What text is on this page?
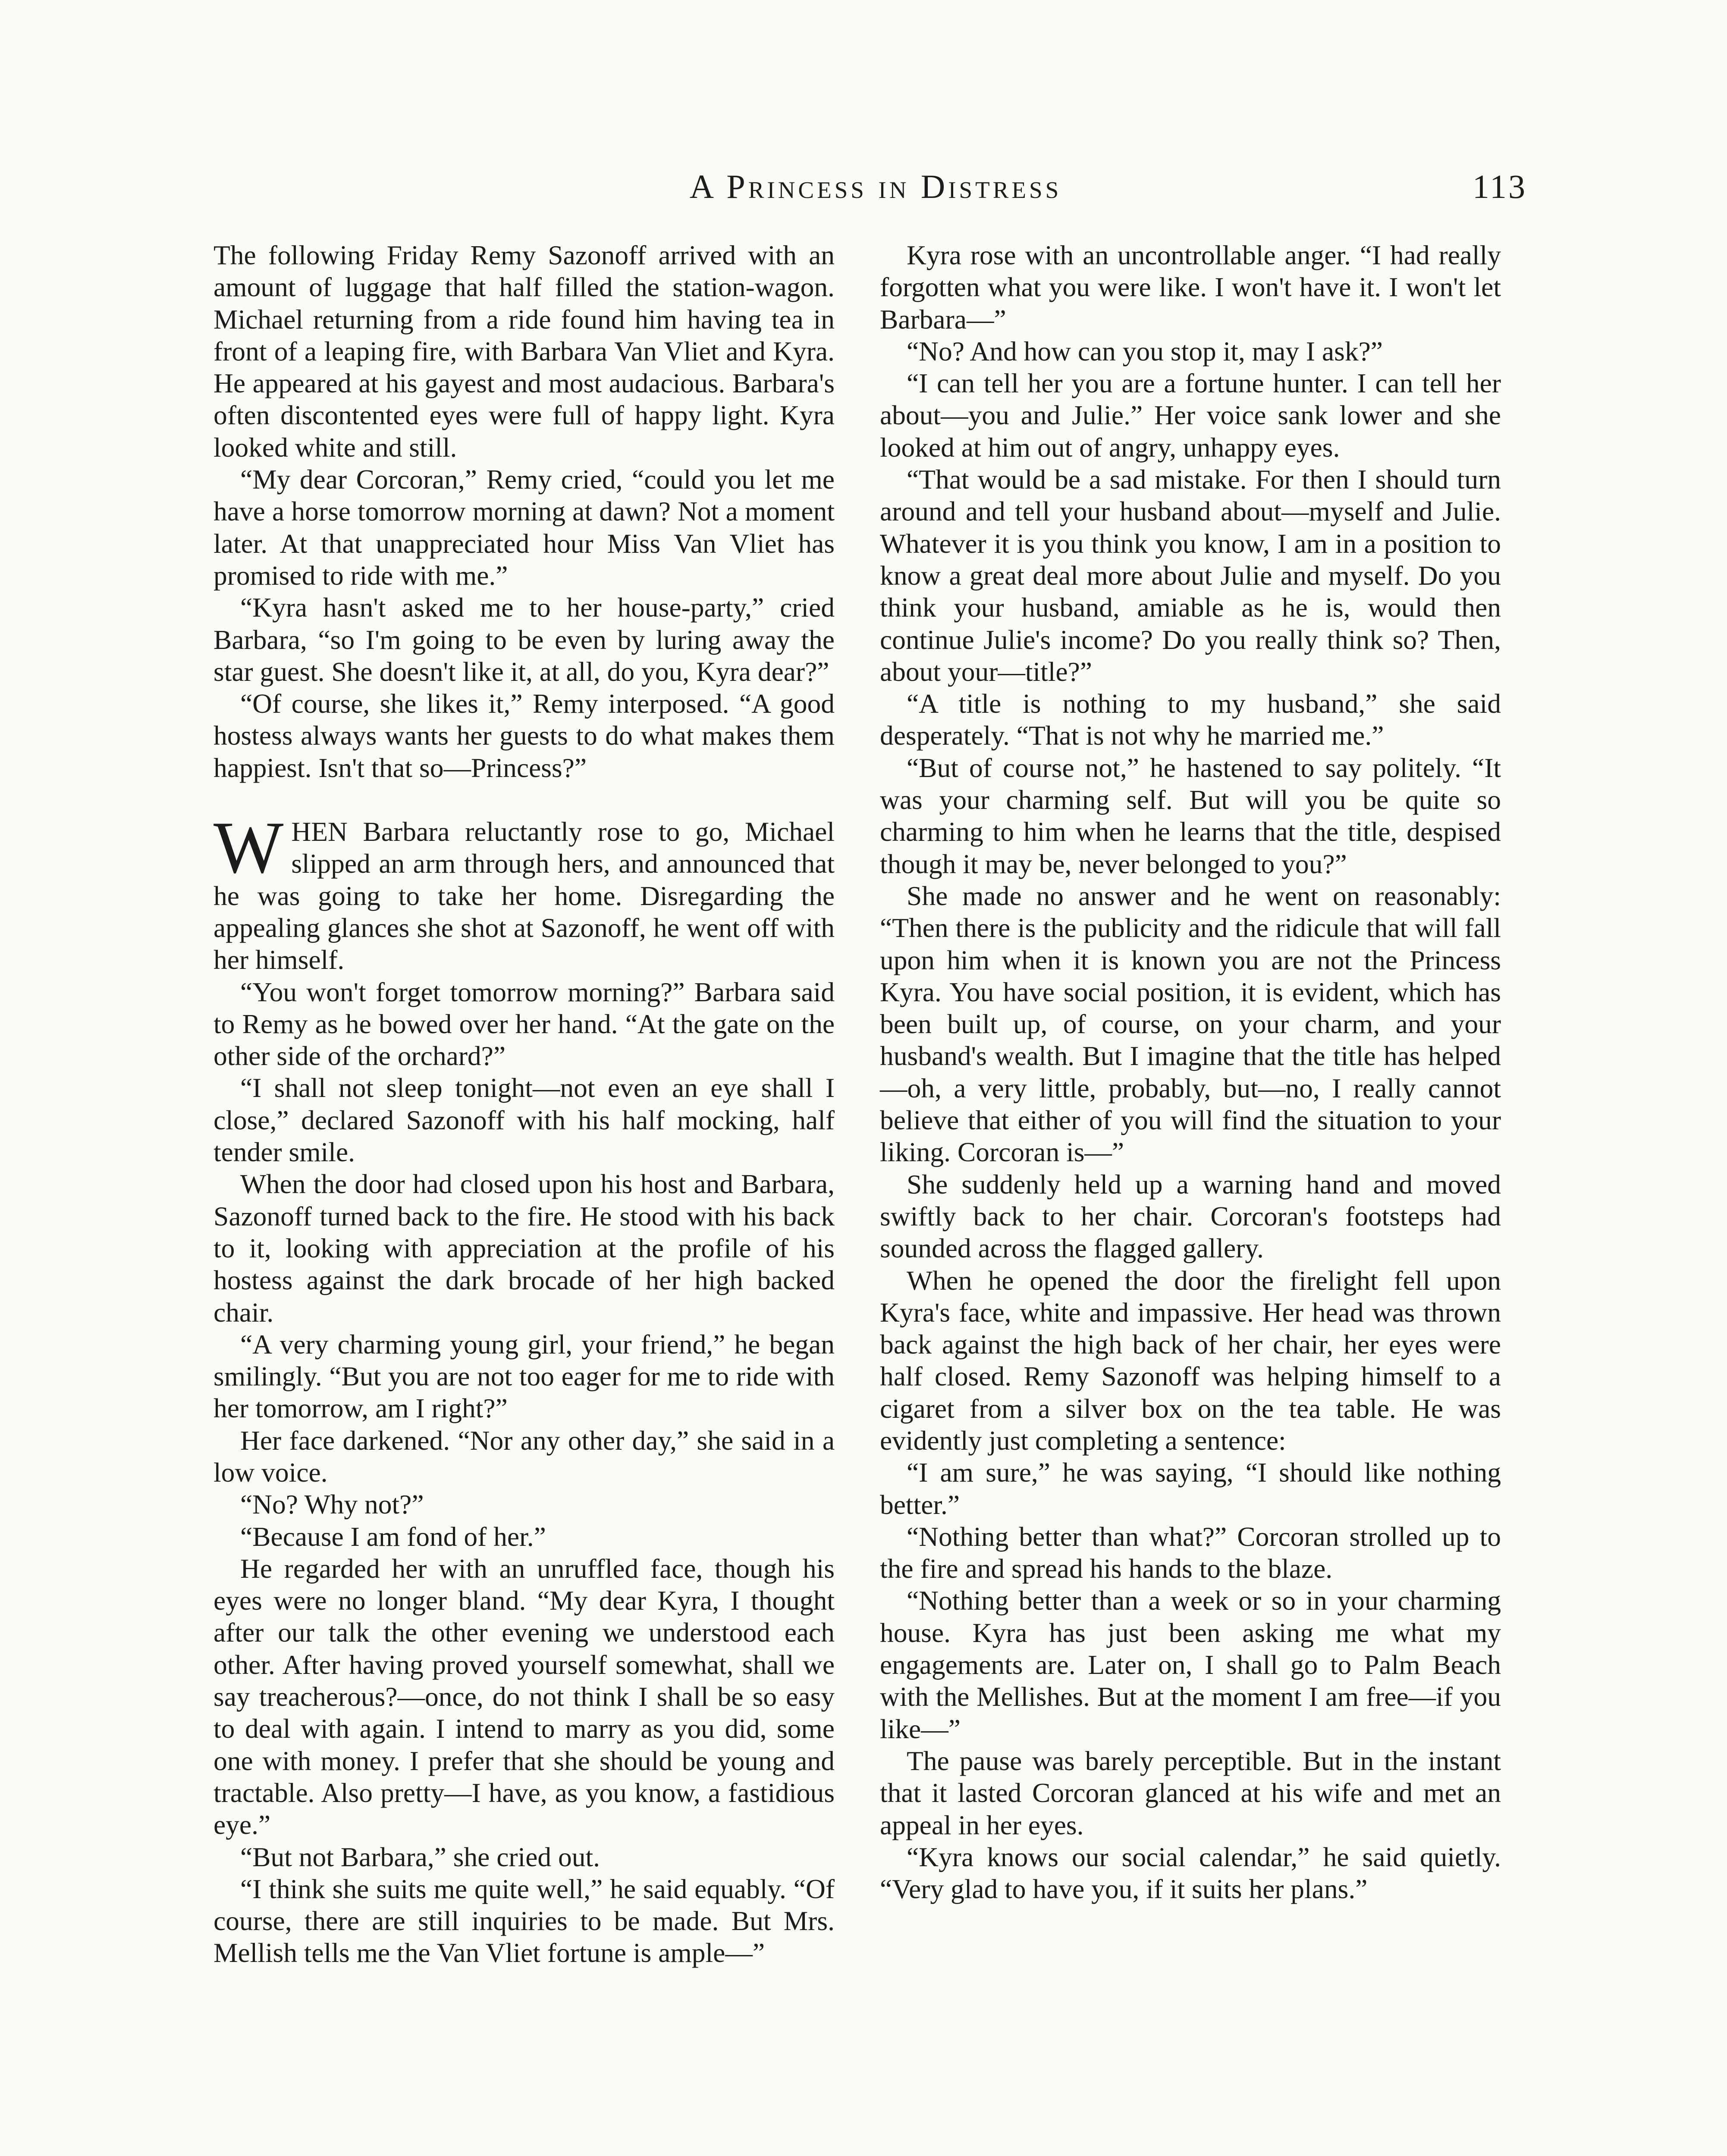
A Princess in Distress	113

The following Friday Remy Sazonoff arrived with an amount of luggage that half filled the station-wagon. Michael returning from a ride found him having tea in front of a leaping fire, with Barbara Van Vliet and Kyra. He appeared at his gayest and most audacious. Barbara's often discontented eyes were full of happy light. Kyra looked white and still.

“My dear Corcoran,” Remy cried, “could you let me have a horse tomorrow morning at dawn? Not a moment later. At that unappreciated hour Miss Van Vliet has promised to ride with me.”

“Kyra hasn't asked me to her house-party,” cried Barbara, “so I'm going to be even by luring away the star guest. She doesn't like it, at all, do you, Kyra dear?”

“Of course, she likes it,” Remy interposed. “A good hostess always wants her guests to do what makes them happiest. Isn't that so—Princess?”

WHEN Barbara reluctantly rose to go, Michael slipped an arm through hers, and announced that he was going to take her home. Disregarding the appealing glances she shot at Sazonoff, he went off with her himself.

“You won't forget tomorrow morning?” Barbara said to Remy as he bowed over her hand. “At the gate on the other side of the orchard?”

“I shall not sleep tonight—not even an eye shall I close,” declared Sazonoff with his half mocking, half tender smile.

When the door had closed upon his host and Barbara, Sazonoff turned back to the fire. He stood with his back to it, looking with appreciation at the profile of his hostess against the dark brocade of her high backed chair.

“A very charming young girl, your friend,” he began smilingly. “But you are not too eager for me to ride with her tomorrow, am I right?”

Her face darkened. “Nor any other day,” she said in a low voice.

“No? Why not?”

“Because I am fond of her.”

He regarded her with an unruffled face, though his eyes were no longer bland. “My dear Kyra, I thought after our talk the other evening we understood each other. After having proved yourself somewhat, shall we say treacherous?—once, do not think I shall be so easy to deal with again. I intend to marry as you did, some one with money. I prefer that she should be young and tractable. Also pretty—I have, as you know, a fastidious eye.”

“But not Barbara,” she cried out.

“I think she suits me quite well,” he said equably. “Of course, there are still inquiries to be made. But Mrs. Mellish tells me the Van Vliet fortune is ample—”

Kyra rose with an uncontrollable anger. “I had really forgotten what you were like. I won't have it. I won't let Barbara—”

“No? And how can you stop it, may I ask?”

“I can tell her you are a fortune hunter. I can tell her about—you and Julie.” Her voice sank lower and she looked at him out of angry, unhappy eyes.

“That would be a sad mistake. For then I should turn around and tell your husband about—myself and Julie. Whatever it is you think you know, I am in a position to know a great deal more about Julie and myself. Do you think your husband, amiable as he is, would then continue Julie's income? Do you really think so? Then, about your—title?”

“A title is nothing to my husband,” she said desperately. “That is not why he married me.”

“But of course not,” he hastened to say politely. “It was your charming self. But will you be quite so charming to him when he learns that the title, despised though it may be, never belonged to you?”

She made no answer and he went on reasonably: “Then there is the publicity and the ridicule that will fall upon him when it is known you are not the Princess Kyra. You have social position, it is evident, which has been built up, of course, on your charm, and your husband's wealth. But I imagine that the title has helped—oh, a very little, probably, but—no, I really cannot believe that either of you will find the situation to your liking. Corcoran is—”

She suddenly held up a warning hand and moved swiftly back to her chair. Corcoran's footsteps had sounded across the flagged gallery.

When he opened the door the firelight fell upon Kyra's face, white and impassive. Her head was thrown back against the high back of her chair, her eyes were half closed. Remy Sazonoff was helping himself to a cigaret from a silver box on the tea table. He was evidently just completing a sentence:

“I am sure,” he was saying, “I should like nothing better.”

“Nothing better than what?” Corcoran strolled up to the fire and spread his hands to the blaze.

“Nothing better than a week or so in your charming house. Kyra has just been asking me what my engagements are. Later on, I shall go to Palm Beach with the Mellishes. But at the moment I am free—if you like—”

The pause was barely perceptible. But in the instant that it lasted Corcoran glanced at his wife and met an appeal in her eyes.

“Kyra knows our social calendar,” he said quietly. “Very glad to have you, if it suits her plans.”
